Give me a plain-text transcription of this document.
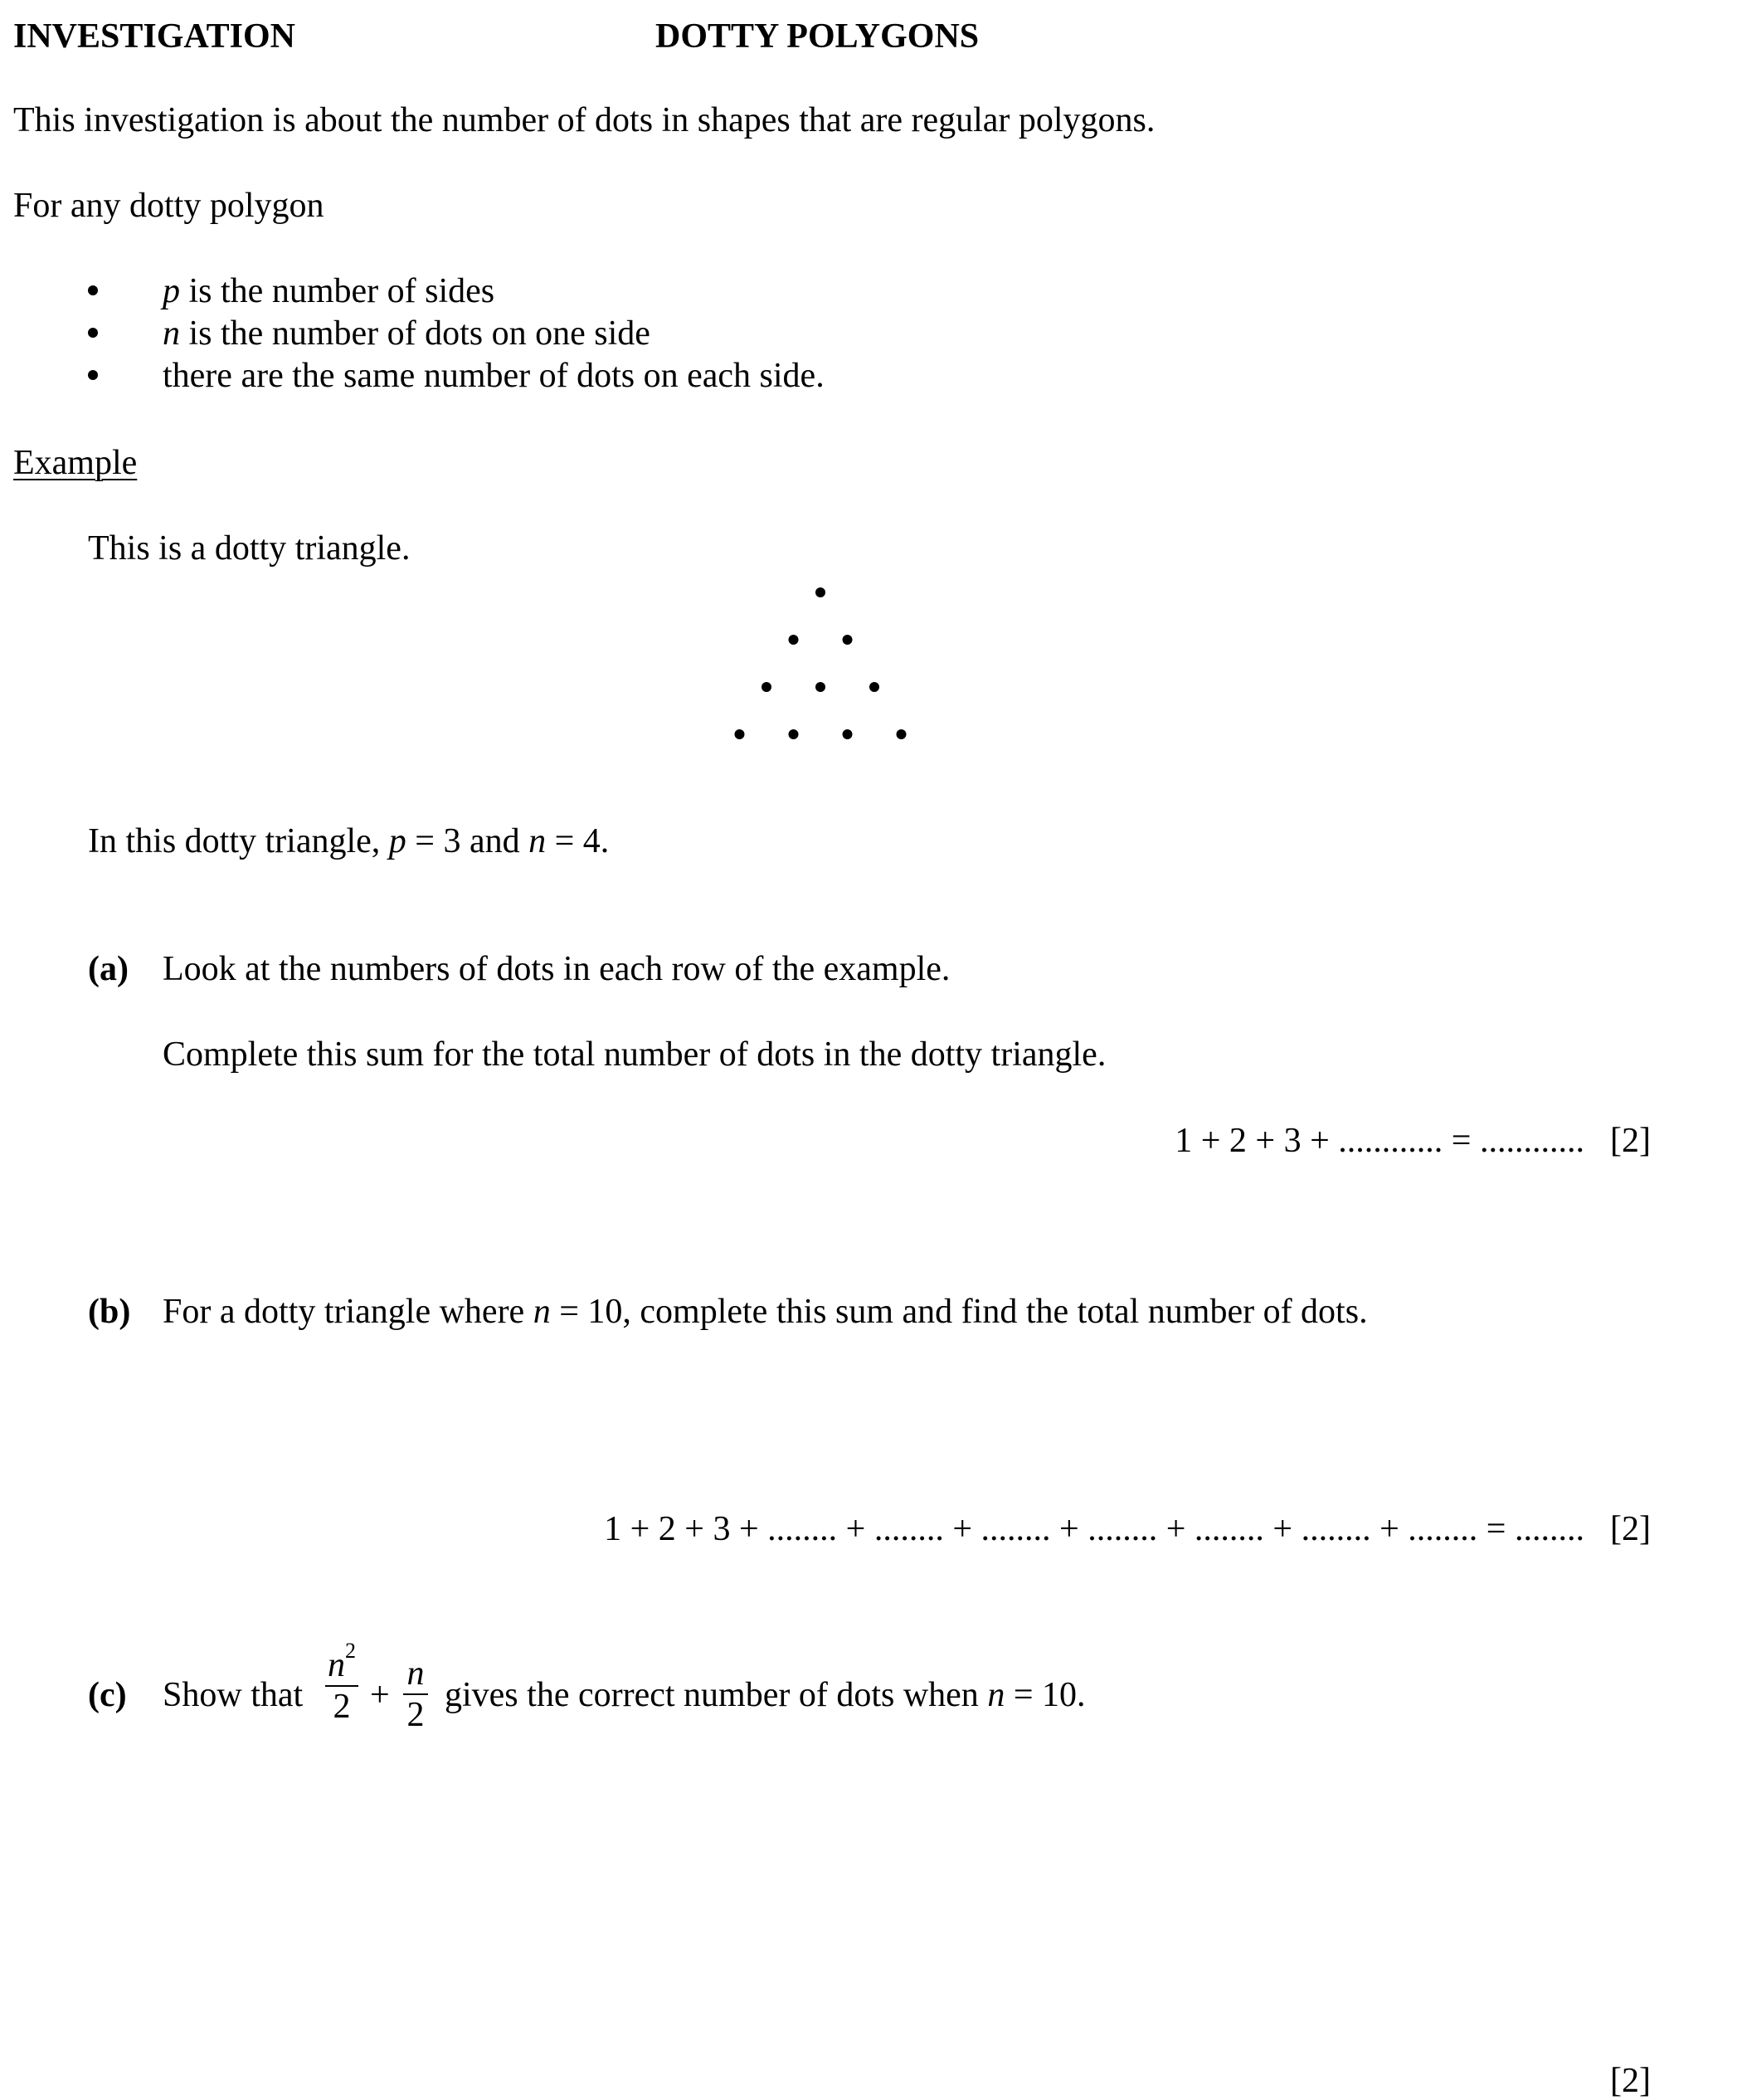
INVESTIGATION	DOTTY POLYGONS
This investigation is about the number of dots in shapes that are regular polygons.
For any dotty polygon
p is the number of sides
n is the number of dots on one side
there are the same number of dots on each side.
Example
This is a dotty triangle.
In this dotty triangle, p = 3 and n = 4.
(a) Look at the numbers of dots in each row of the example.
Complete this sum for the total number of dots in the dotty triangle.
1 + 2 + 3 + ............ = ............ [2]
(b) For a dotty triangle where n = 10, complete this sum and find the total number of dots.
1 + 2 + 3 + ........ + ........ + ........ + ........ + ........ + ........ + ........ = ........ [2]
(c) Show that
$n^2$
2 +
n
2
gives the correct number of dots when n = 10.
[2]
